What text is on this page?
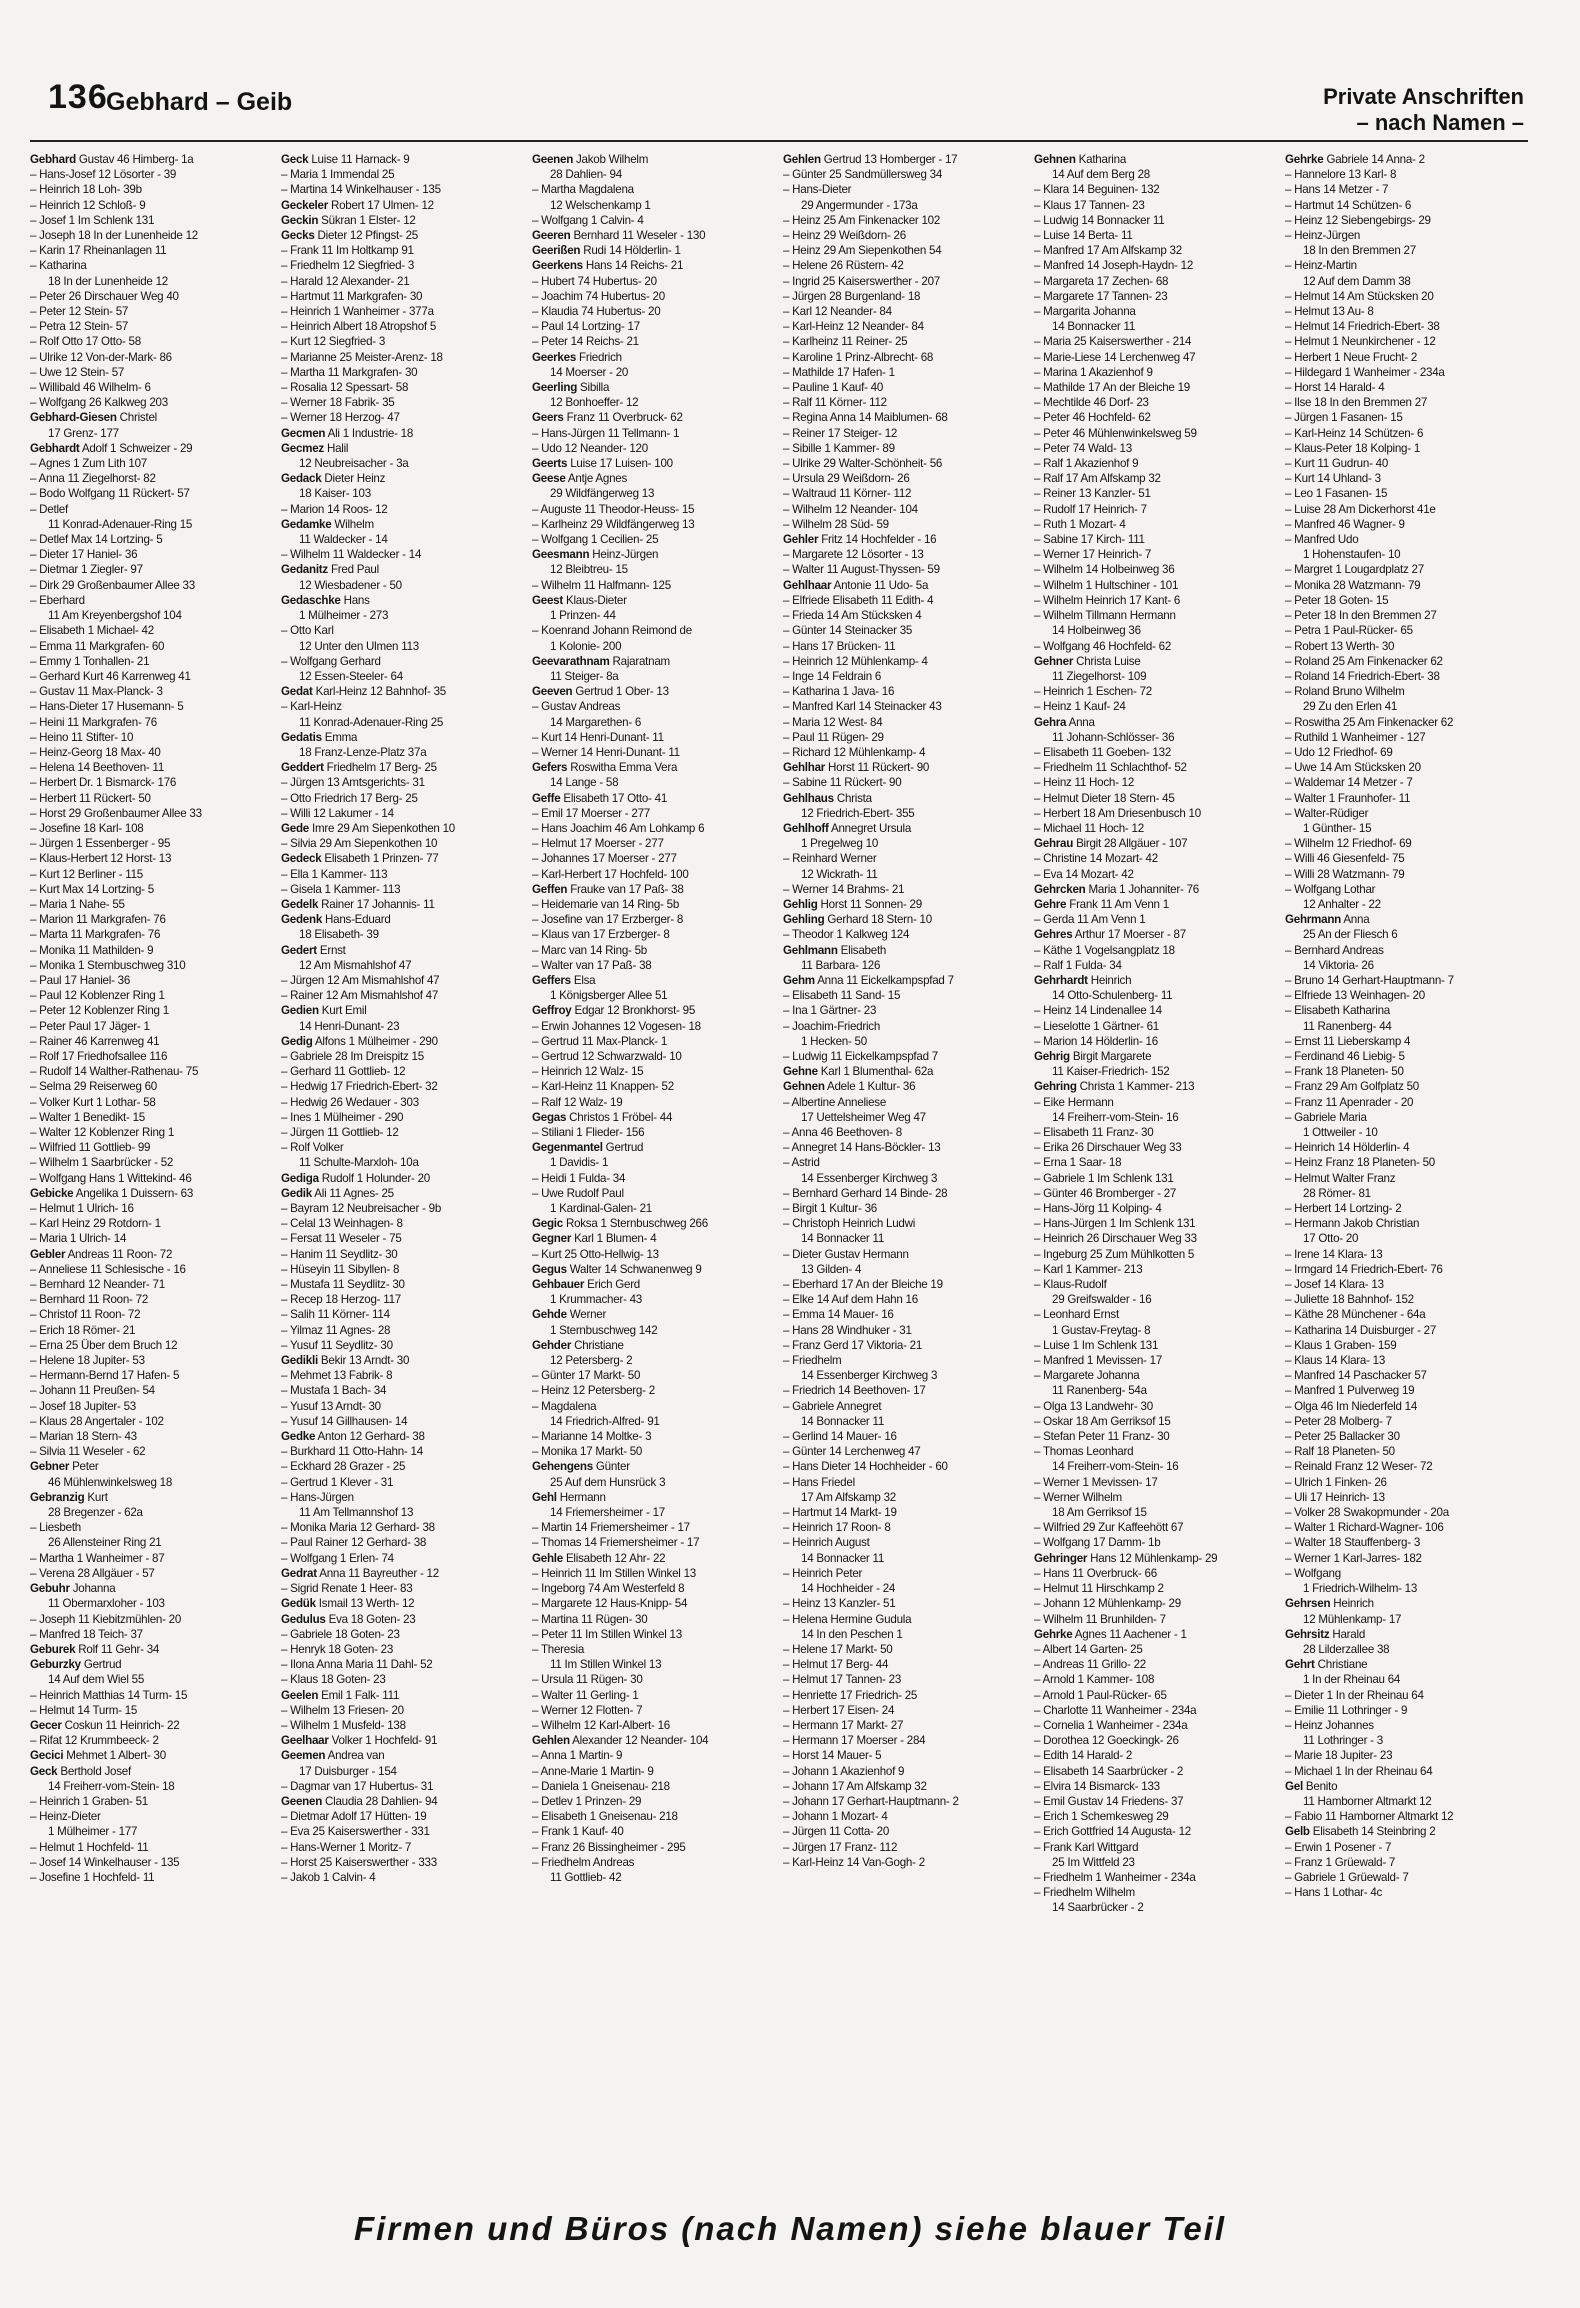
136
Gebhard – Geib	Private Anschriften
– nach Namen –
Gebhard Gustav 46 Himberg- 1a
– Hans-Josef 12 Lösorter - 39
– Heinrich 18 Loh- 39b
– Heinrich 12 Schloß- 9
– Josef 1 Im Schlenk 131
– Joseph 18 In der Lunenheide 12
– Karin 17 Rheinanlagen 11
– Katharina
18 In der Lunenheide 12
– Peter 26 Dirschauer Weg 40
– Peter 12 Stein- 57
– Petra 12 Stein- 57
– Rolf Otto 17 Otto- 58
– Ulrike 12 Von-der-Mark- 86
– Uwe 12 Stein- 57
– Willibald 46 Wilhelm- 6
– Wolfgang 26 Kalkweg 203
Gebhard-Giesen Christel
17 Grenz- 177
Gebhardt Adolf 1 Schweizer - 29
– Agnes 1 Zum Lith 107
– Anna 11 Ziegelhorst- 82
– Bodo Wolfgang 11 Rückert- 57
– Detlef
11 Konrad-Adenauer-Ring 15
– Detlef Max 14 Lortzing- 5
– Dieter 17 Haniel- 36
– Dietmar 1 Ziegler- 97
– Dirk 29 Großenbaumer Allee 33
– Eberhard
11 Am Kreyenbergshof 104
– Elisabeth 1 Michael- 42
– Emma 11 Markgrafen- 60
– Emmy 1 Tonhallen- 21
– Gerhard Kurt 46 Karrenweg 41
– Gustav 11 Max-Planck- 3
– Hans-Dieter 17 Husemann- 5
– Heini 11 Markgrafen- 76
– Heino 11 Stifter- 10
– Heinz-Georg 18 Max- 40
– Helena 14 Beethoven- 11
– Herbert Dr. 1 Bismarck- 176
– Herbert 11 Rückert- 50
– Horst 29 Großenbaumer Allee 33
– Josefine 18 Karl- 108
– Jürgen 1 Essenberger - 95
– Klaus-Herbert 12 Horst- 13
– Kurt 12 Berliner - 115
– Kurt Max 14 Lortzing- 5
– Maria 1 Nahe- 55
– Marion 11 Markgrafen- 76
– Marta 11 Markgrafen- 76
– Monika 11 Mathilden- 9
– Monika 1 Sternbuschweg 310
– Paul 17 Haniel- 36
– Paul 12 Koblenzer Ring 1
– Peter 12 Koblenzer Ring 1
– Peter Paul 17 Jäger- 1
– Rainer 46 Karrenweg 41
– Rolf 17 Friedhofsallee 116
– Rudolf 14 Walther-Rathenau- 75
– Selma 29 Reiserweg 60
– Volker Kurt 1 Lothar- 58
– Walter 1 Benedikt- 15
– Walter 12 Koblenzer Ring 1
– Wilfried 11 Gottlieb- 99
– Wilhelm 1 Saarbrücker - 52
– Wolfgang Hans 1 Wittekind- 46
Gebicke Angelika 1 Duissern- 63
– Helmut 1 Ulrich- 16
– Karl Heinz 29 Rotdorn- 1
– Maria 1 Ulrich- 14
Gebler Andreas 11 Roon- 72
– Anneliese 11 Schlesische - 16
– Bernhard 12 Neander- 71
– Bernhard 11 Roon- 72
– Christof 11 Roon- 72
– Erich 18 Römer- 21
– Erna 25 Über dem Bruch 12
– Helene 18 Jupiter- 53
– Hermann-Bernd 17 Hafen- 5
– Johann 11 Preußen- 54
– Josef 18 Jupiter- 53
– Klaus 28 Angertaler - 102
– Marian 18 Stern- 43
– Silvia 11 Weseler - 62
Gebner Peter
46 Mühlenwinkelsweg 18
Gebranzig Kurt
28 Bregenzer - 62a
– Liesbeth
26 Allensteiner Ring 21
– Martha 1 Wanheimer - 87
– Verena 28 Allgäuer - 57
Gebuhr Johanna
11 Obermarxloher - 103
– Joseph 11 Kiebitzmühlen- 20
– Manfred 18 Teich- 37
Geburek Rolf 11 Gehr- 34
Geburzky Gertrud
14 Auf dem Wiel 55
– Heinrich Matthias 14 Turm- 15
– Helmut 14 Turm- 15
Gecer Coskun 11 Heinrich- 22
– Rifat 12 Krummbeeck- 2
Gecici Mehmet 1 Albert- 30
Geck Berthold Josef
14 Freiherr-vom-Stein- 18
– Heinrich 1 Graben- 51
– Heinz-Dieter
1 Mülheimer - 177
– Helmut 1 Hochfeld- 11
– Josef 14 Winkelhauser - 135
– Josefine 1 Hochfeld- 11
Geck Luise 11 Harnack- 9
– Maria 1 Immendal 25
– Martina 14 Winkelhauser - 135
Geckeler Robert 17 Ulmen- 12
Geckin Sükran 1 Elster- 12
Gecks Dieter 12 Pfingst- 25
– Frank 11 Im Holtkamp 91
– Friedhelm 12 Siegfried- 3
– Harald 12 Alexander- 21
– Hartmut 11 Markgrafen- 30
– Heinrich 1 Wanheimer - 377a
– Heinrich Albert 18 Atropshof 5
– Kurt 12 Siegfried- 3
– Marianne 25 Meister-Arenz- 18
– Martha 11 Markgrafen- 30
– Rosalia 12 Spessart- 58
– Werner 18 Fabrik- 35
– Werner 18 Herzog- 47
Gecmen Ali 1 Industrie- 18
Gecmez Halil
12 Neubreisacher - 3a
Gedack Dieter Heinz
18 Kaiser- 103
– Marion 14 Roos- 12
Gedamke Wilhelm
11 Waldecker - 14
– Wilhelm 11 Waldecker - 14
Gedanitz Fred Paul
12 Wiesbadener - 50
Gedaschke Hans
1 Mülheimer - 273
– Otto Karl
12 Unter den Ulmen 113
– Wolfgang Gerhard
12 Essen-Steeler- 64
Gedat Karl-Heinz 12 Bahnhof- 35
– Karl-Heinz
11 Konrad-Adenauer-Ring 25
Gedatis Emma
18 Franz-Lenze-Platz 37a
Geddert Friedhelm 17 Berg- 25
– Jürgen 13 Amtsgerichts- 31
– Otto Friedrich 17 Berg- 25
– Willi 12 Lakumer - 14
Gede Imre 29 Am Siepenkothen 10
– Silvia 29 Am Siepenkothen 10
Gedeck Elisabeth 1 Prinzen- 77
– Ella 1 Kammer- 113
– Gisela 1 Kammer- 113
Gedelk Rainer 17 Johannis- 11
Gedenk Hans-Eduard
18 Elisabeth- 39
Gedert Ernst
12 Am Mismahlshof 47
– Jürgen 12 Am Mismahlshof 47
– Rainer 12 Am Mismahlshof 47
Gedien Kurt Emil
14 Henri-Dunant- 23
Gedig Alfons 1 Mülheimer - 290
– Gabriele 28 Im Dreispitz 15
– Gerhard 11 Gottlieb- 12
– Hedwig 17 Friedrich-Ebert- 32
– Hedwig 26 Wedauer - 303
– Ines 1 Mülheimer - 290
– Jürgen 11 Gottlieb- 12
– Rolf Volker
11 Schulte-Marxloh- 10a
Gediga Rudolf 1 Holunder- 20
Gedik Ali 11 Agnes- 25
– Bayram 12 Neubreisacher - 9b
– Celal 13 Weinhagen- 8
– Fersat 11 Weseler - 75
– Hanim 11 Seydlitz- 30
– Hüseyin 11 Sibyllen- 8
– Mustafa 11 Seydlitz- 30
– Recep 18 Herzog- 117
– Salih 11 Körner- 114
– Yilmaz 11 Agnes- 28
– Yusuf 11 Seydlitz- 30
Gedikli Bekir 13 Arndt- 30
– Mehmet 13 Fabrik- 8
– Mustafa 1 Bach- 34
– Yusuf 13 Arndt- 30
– Yusuf 14 Gillhausen- 14
Gedke Anton 12 Gerhard- 38
– Burkhard 11 Otto-Hahn- 14
– Eckhard 28 Grazer - 25
– Gertrud 1 Klever - 31
– Hans-Jürgen
11 Am Tellmannshof 13
– Monika Maria 12 Gerhard- 38
– Paul Rainer 12 Gerhard- 38
– Wolfgang 1 Erlen- 74
Gedrat Anna 11 Bayreuther - 12
– Sigrid Renate 1 Heer- 83
Gedük Ismail 13 Werth- 12
Gedulus Eva 18 Goten- 23
– Gabriele 18 Goten- 23
– Henryk 18 Goten- 23
– Ilona Anna Maria 11 Dahl- 52
– Klaus 18 Goten- 23
Geelen Emil 1 Falk- 111
– Wilhelm 13 Friesen- 20
– Wilhelm 1 Musfeld- 138
Geelhaar Volker 1 Hochfeld- 91
Geemen Andrea van
17 Duisburger - 154
– Dagmar van 17 Hubertus- 31
Geenen Claudia 28 Dahlien- 94
– Dietmar Adolf 17 Hütten- 19
– Eva 25 Kaiserswerther - 331
– Hans-Werner 1 Moritz- 7
– Horst 25 Kaiserswerther - 333
– Jakob 1 Calvin- 4
Geenen Jakob Wilhelm
28 Dahlien- 94
– Martha Magdalena
12 Welschenkamp 1
– Wolfgang 1 Calvin- 4
Geeren Bernhard 11 Weseler - 130
Geerißen Rudi 14 Hölderlin- 1
Geerkens Hans 14 Reichs- 21
– Hubert 74 Hubertus- 20
– Joachim 74 Hubertus- 20
– Klaudia 74 Hubertus- 20
– Paul 14 Lortzing- 17
– Peter 14 Reichs- 21
Geerkes Friedrich
14 Moerser - 20
Geerling Sibilla
12 Bonhoeffer- 12
Geers Franz 11 Overbruck- 62
– Hans-Jürgen 11 Tellmann- 1
– Udo 12 Neander- 120
Geerts Luise 17 Luisen- 100
Geese Antje Agnes
29 Wildfängerweg 13
– Auguste 11 Theodor-Heuss- 15
– Karlheinz 29 Wildfängerweg 13
– Wolfgang 1 Cecilien- 25
Geesmann Heinz-Jürgen
12 Bleibtreu- 15
– Wilhelm 11 Halfmann- 125
Geest Klaus-Dieter
1 Prinzen- 44
– Koenrand Johann Reimond de
1 Kolonie- 200
Geevarathnam Rajaratnam
11 Steiger- 8a
Geeven Gertrud 1 Ober- 13
– Gustav Andreas
14 Margarethen- 6
– Kurt 14 Henri-Dunant- 11
– Werner 14 Henri-Dunant- 11
Gefers Roswitha Emma Vera
14 Lange - 58
Geffe Elisabeth 17 Otto- 41
– Emil 17 Moerser - 277
– Hans Joachim 46 Am Lohkamp 6
– Helmut 17 Moerser - 277
– Johannes 17 Moerser - 277
– Karl-Herbert 17 Hochfeld- 100
Geffen Frauke van 17 Paß- 38
– Heidemarie van 14 Ring- 5b
– Josefine van 17 Erzberger- 8
– Klaus van 17 Erzberger- 8
– Marc van 14 Ring- 5b
– Walter van 17 Paß- 38
Geffers Elsa
1 Königsberger Allee 51
Geffroy Edgar 12 Bronkhorst- 95
– Erwin Johannes 12 Vogesen- 18
– Gertrud 11 Max-Planck- 1
– Gertrud 12 Schwarzwald- 10
– Heinrich 12 Walz- 15
– Karl-Heinz 11 Knappen- 52
– Ralf 12 Walz- 19
Gegas Christos 1 Fröbel- 44
– Stiliani 1 Flieder- 156
Gegenmantel Gertrud
1 Davidis- 1
– Heidi 1 Fulda- 34
– Uwe Rudolf Paul
1 Kardinal-Galen- 21
Gegic Roksa 1 Sternbuschweg 266
Gegner Karl 1 Blumen- 4
– Kurt 25 Otto-Hellwig- 13
Gegus Walter 14 Schwanenweg 9
Gehbauer Erich Gerd
1 Krummacher- 43
Gehde Werner
1 Sternbuschweg 142
Gehder Christiane
12 Petersberg- 2
– Günter 17 Markt- 50
– Heinz 12 Petersberg- 2
– Magdalena
14 Friedrich-Alfred- 91
– Marianne 14 Moltke- 3
– Monika 17 Markt- 50
Gehengens Günter
25 Auf dem Hunsrück 3
Gehl Hermann
14 Friemersheimer - 17
– Martin 14 Friemersheimer - 17
– Thomas 14 Friemersheimer - 17
Gehle Elisabeth 12 Ahr- 22
– Heinrich 11 Im Stillen Winkel 13
– Ingeborg 74 Am Westerfeld 8
– Margarete 12 Haus-Knipp- 54
– Martina 11 Rügen- 30
– Peter 11 Im Stillen Winkel 13
– Theresia
11 Im Stillen Winkel 13
– Ursula 11 Rügen- 30
– Walter 11 Gerling- 1
– Werner 12 Flotten- 7
– Wilhelm 12 Karl-Albert- 16
Gehlen Alexander 12 Neander- 104
– Anna 1 Martin- 9
– Anne-Marie 1 Martin- 9
– Daniela 1 Gneisenau- 218
– Detlev 1 Prinzen- 29
– Elisabeth 1 Gneisenau- 218
– Frank 1 Kauf- 40
– Franz 26 Bissingheimer - 295
– Friedhelm Andreas
11 Gottlieb- 42
Gehlen Gertrud 13 Homberger - 17
– Günter 25 Sandmüllersweg 34
– Hans-Dieter
29 Angermunder - 173a
– Heinz 25 Am Finkenacker 102
– Heinz 29 Weißdorn- 26
– Heinz 29 Am Siepenkothen 54
– Helene 26 Rüstern- 42
– Ingrid 25 Kaiserswerther - 207
– Jürgen 28 Burgenland- 18
– Karl 12 Neander- 84
– Karl-Heinz 12 Neander- 84
– Karlheinz 11 Reiner- 25
– Karoline 1 Prinz-Albrecht- 68
– Mathilde 17 Hafen- 1
– Pauline 1 Kauf- 40
– Ralf 11 Körner- 112
– Regina Anna 14 Maiblumen- 68
– Reiner 17 Steiger- 12
– Sibille 1 Kammer- 89
– Ulrike 29 Walter-Schönheit- 56
– Ursula 29 Weißdorn- 26
– Waltraud 11 Körner- 112
– Wilhelm 12 Neander- 104
– Wilhelm 28 Süd- 59
Gehler Fritz 14 Hochfelder - 16
– Margarete 12 Lösorter - 13
– Walter 11 August-Thyssen- 59
Gehlhaar Antonie 11 Udo- 5a
– Elfriede Elisabeth 11 Edith- 4
– Frieda 14 Am Stücksken 4
– Günter 14 Steinacker 35
– Hans 17 Brücken- 11
– Heinrich 12 Mühlenkamp- 4
– Inge 14 Feldrain 6
– Katharina 1 Java- 16
– Manfred Karl 14 Steinacker 43
– Maria 12 West- 84
– Paul 11 Rügen- 29
– Richard 12 Mühlenkamp- 4
Gehlhar Horst 11 Rückert- 90
– Sabine 11 Rückert- 90
Gehlhaus Christa
12 Friedrich-Ebert- 355
Gehlhoff Annegret Ursula
1 Pregelweg 10
– Reinhard Werner
12 Wickrath- 11
– Werner 14 Brahms- 21
Gehlig Horst 11 Sonnen- 29
Gehling Gerhard 18 Stern- 10
– Theodor 1 Kalkweg 124
Gehlmann Elisabeth
11 Barbara- 126
Gehm Anna 11 Eickelkampspfad 7
– Elisabeth 11 Sand- 15
– Ina 1 Gärtner- 23
– Joachim-Friedrich
1 Hecken- 50
– Ludwig 11 Eickelkampspfad 7
Gehne Karl 1 Blumenthal- 62a
Gehnen Adele 1 Kultur- 36
– Albertine Anneliese
17 Uettelsheimer Weg 47
– Anna 46 Beethoven- 8
– Annegret 14 Hans-Böckler- 13
– Astrid
14 Essenberger Kirchweg 3
– Bernhard Gerhard 14 Binde- 28
– Birgit 1 Kultur- 36
– Christoph Heinrich Ludwi
14 Bonnacker 11
– Dieter Gustav Hermann
13 Gilden- 4
– Eberhard 17 An der Bleiche 19
– Elke 14 Auf dem Hahn 16
– Emma 14 Mauer- 16
– Hans 28 Windhuker - 31
– Franz Gerd 17 Viktoria- 21
– Friedhelm
14 Essenberger Kirchweg 3
– Friedrich 14 Beethoven- 17
– Gabriele Annegret
14 Bonnacker 11
– Gerlind 14 Mauer- 16
– Günter 14 Lerchenweg 47
– Hans Dieter 14 Hochheider - 60
– Hans Friedel
17 Am Alfskamp 32
– Hartmut 14 Markt- 19
– Heinrich 17 Roon- 8
– Heinrich August
14 Bonnacker 11
– Heinrich Peter
14 Hochheider - 24
– Heinz 13 Kanzler- 51
– Helena Hermine Gudula
14 In den Peschen 1
– Helene 17 Markt- 50
– Helmut 17 Berg- 44
– Helmut 17 Tannen- 23
– Henriette 17 Friedrich- 25
– Herbert 17 Eisen- 24
– Hermann 17 Markt- 27
– Hermann 17 Moerser - 284
– Horst 14 Mauer- 5
– Johann 1 Akazienhof 9
– Johann 17 Am Alfskamp 32
– Johann 17 Gerhart-Hauptmann- 2
– Johann 1 Mozart- 4
– Jürgen 11 Cotta- 20
– Jürgen 17 Franz- 112
– Karl-Heinz 14 Van-Gogh- 2
Gehnen Katharina
14 Auf dem Berg 28
– Klara 14 Beguinen- 132
– Klaus 17 Tannen- 23
– Ludwig 14 Bonnacker 11
– Luise 14 Berta- 11
– Manfred 17 Am Alfskamp 32
– Manfred 14 Joseph-Haydn- 12
– Margareta 17 Zechen- 68
– Margarete 17 Tannen- 23
– Margarita Johanna
14 Bonnacker 11
– Maria 25 Kaiserswerther - 214
– Marie-Liese 14 Lerchenweg 47
– Marina 1 Akazienhof 9
– Mathilde 17 An der Bleiche 19
– Mechtilde 46 Dorf- 23
– Peter 46 Hochfeld- 62
– Peter 46 Mühlenwinkelsweg 59
– Peter 74 Wald- 13
– Ralf 1 Akazienhof 9
– Ralf 17 Am Alfskamp 32
– Reiner 13 Kanzler- 51
– Rudolf 17 Heinrich- 7
– Ruth 1 Mozart- 4
– Sabine 17 Kirch- 111
– Werner 17 Heinrich- 7
– Wilhelm 14 Holbeinweg 36
– Wilhelm 1 Hultschiner - 101
– Wilhelm Heinrich 17 Kant- 6
– Wilhelm Tillmann Hermann
14 Holbeinweg 36
– Wolfgang 46 Hochfeld- 62
Gehner Christa Luise
11 Ziegelhorst- 109
– Heinrich 1 Eschen- 72
– Heinz 1 Kauf- 24
Gehra Anna
11 Johann-Schlösser- 36
– Elisabeth 11 Goeben- 132
– Friedhelm 11 Schlachthof- 52
– Heinz 11 Hoch- 12
– Helmut Dieter 18 Stern- 45
– Herbert 18 Am Driesenbusch 10
– Michael 11 Hoch- 12
Gehrau Birgit 28 Allgäuer - 107
– Christine 14 Mozart- 42
– Eva 14 Mozart- 42
Gehrcken Maria 1 Johanniter- 76
Gehre Frank 11 Am Venn 1
– Gerda 11 Am Venn 1
Gehres Arthur 17 Moerser - 87
– Käthe 1 Vogelsangplatz 18
– Ralf 1 Fulda- 34
Gehrhardt Heinrich
14 Otto-Schulenberg- 11
– Heinz 14 Lindenallee 14
– Lieselotte 1 Gärtner- 61
– Marion 14 Hölderlin- 16
Gehrig Birgit Margarete
11 Kaiser-Friedrich- 152
Gehring Christa 1 Kammer- 213
– Eike Hermann
14 Freiherr-vom-Stein- 16
– Elisabeth 11 Franz- 30
– Erika 26 Dirschauer Weg 33
– Erna 1 Saar- 18
– Gabriele 1 Im Schlenk 131
– Günter 46 Bromberger - 27
– Hans-Jörg 11 Kolping- 4
– Hans-Jürgen 1 Im Schlenk 131
– Heinrich 26 Dirschauer Weg 33
– Ingeburg 25 Zum Mühlkotten 5
– Karl 1 Kammer- 213
– Klaus-Rudolf
29 Greifswalder - 16
– Leonhard Ernst
1 Gustav-Freytag- 8
– Luise 1 Im Schlenk 131
– Manfred 1 Mevissen- 17
– Margarete Johanna
11 Ranenberg- 54a
– Olga 13 Landwehr- 30
– Oskar 18 Am Gerriksof 15
– Stefan Peter 11 Franz- 30
– Thomas Leonhard
14 Freiherr-vom-Stein- 16
– Werner 1 Mevissen- 17
– Werner Wilhelm
18 Am Gerriksof 15
– Wilfried 29 Zur Kaffeehött 67
– Wolfgang 17 Damm- 1b
Gehringer Hans 12 Mühlenkamp- 29
– Hans 11 Overbruck- 66
– Helmut 11 Hirschkamp 2
– Johann 12 Mühlenkamp- 29
– Wilhelm 11 Brunhilden- 7
Gehrke Agnes 11 Aachener - 1
– Albert 14 Garten- 25
– Andreas 11 Grillo- 22
– Arnold 1 Kammer- 108
– Arnold 1 Paul-Rücker- 65
– Charlotte 11 Wanheimer - 234a
– Cornelia 1 Wanheimer - 234a
– Dorothea 12 Goeckingk- 26
– Edith 14 Harald- 2
– Elisabeth 14 Saarbrücker - 2
– Elvira 14 Bismarck- 133
– Emil Gustav 14 Friedens- 37
– Erich 1 Schemkesweg 29
– Erich Gottfried 14 Augusta- 12
– Frank Karl Wittgard
25 Im Wittfeld 23
– Friedhelm 1 Wanheimer - 234a
– Friedhelm Wilhelm
14 Saarbrücker - 2
Gehrke Gabriele 14 Anna- 2
– Hannelore 13 Karl- 8
– Hans 14 Metzer - 7
– Hartmut 14 Schützen- 6
– Heinz 12 Siebengebirgs- 29
– Heinz-Jürgen
18 In den Bremmen 27
– Heinz-Martin
12 Auf dem Damm 38
– Helmut 14 Am Stücksken 20
– Helmut 13 Au- 8
– Helmut 14 Friedrich-Ebert- 38
– Helmut 1 Neunkirchener - 12
– Herbert 1 Neue Frucht- 2
– Hildegard 1 Wanheimer - 234a
– Horst 14 Harald- 4
– Ilse 18 In den Bremmen 27
– Jürgen 1 Fasanen- 15
– Karl-Heinz 14 Schützen- 6
– Klaus-Peter 18 Kolping- 1
– Kurt 11 Gudrun- 40
– Kurt 14 Uhland- 3
– Leo 1 Fasanen- 15
– Luise 28 Am Dickerhorst 41e
– Manfred 46 Wagner- 9
– Manfred Udo
1 Hohenstaufen- 10
– Margret 1 Lougardplatz 27
– Monika 28 Watzmann- 79
– Peter 18 Goten- 15
– Peter 18 In den Bremmen 27
– Petra 1 Paul-Rücker- 65
– Robert 13 Werth- 30
– Roland 25 Am Finkenacker 62
– Roland 14 Friedrich-Ebert- 38
– Roland Bruno Wilhelm
29 Zu den Erlen 41
– Roswitha 25 Am Finkenacker 62
– Ruthild 1 Wanheimer - 127
– Udo 12 Friedhof- 69
– Uwe 14 Am Stücksken 20
– Waldemar 14 Metzer - 7
– Walter 1 Fraunhofer- 11
– Walter-Rüdiger
1 Günther- 15
– Wilhelm 12 Friedhof- 69
– Willi 46 Giesenfeld- 75
– Willi 28 Watzmann- 79
– Wolfgang Lothar
12 Anhalter - 22
Gehrmann Anna
25 An der Fliesch 6
– Bernhard Andreas
14 Viktoria- 26
– Bruno 14 Gerhart-Hauptmann- 7
– Elfriede 13 Weinhagen- 20
– Elisabeth Katharina
11 Ranenberg- 44
– Ernst 11 Lieberskamp 4
– Ferdinand 46 Liebig- 5
– Frank 18 Planeten- 50
– Franz 29 Am Golfplatz 50
– Franz 11 Apenrader - 20
– Gabriele Maria
1 Ottweiler - 10
– Heinrich 14 Hölderlin- 4
– Heinz Franz 18 Planeten- 50
– Helmut Walter Franz
28 Römer- 81
– Herbert 14 Lortzing- 2
– Hermann Jakob Christian
17 Otto- 20
– Irene 14 Klara- 13
– Irmgard 14 Friedrich-Ebert- 76
– Josef 14 Klara- 13
– Juliette 18 Bahnhof- 152
– Käthe 28 Münchener - 64a
– Katharina 14 Duisburger - 27
– Klaus 1 Graben- 159
– Klaus 14 Klara- 13
– Manfred 14 Paschacker 57
– Manfred 1 Pulverweg 19
– Olga 46 Im Niederfeld 14
– Peter 28 Molberg- 7
– Peter 25 Ballacker 30
– Ralf 18 Planeten- 50
– Reinald Franz 12 Weser- 72
– Ulrich 1 Finken- 26
– Uli 17 Heinrich- 13
– Volker 28 Swakopmunder - 20a
– Walter 1 Richard-Wagner- 106
– Walter 18 Stauffenberg- 3
– Werner 1 Karl-Jarres- 182
– Wolfgang
1 Friedrich-Wilhelm- 13
Gehrsen Heinrich
12 Mühlenkamp- 17
Gehrsitz Harald
28 Lilderzallee 38
Gehrt Christiane
1 In der Rheinau 64
– Dieter 1 In der Rheinau 64
– Emilie 11 Lothringer - 9
– Heinz Johannes
11 Lothringer - 3
– Marie 18 Jupiter- 23
– Michael 1 In der Rheinau 64
Gel Benito
11 Hamborner Altmarkt 12
– Fabio 11 Hamborner Altmarkt 12
Gelb Elisabeth 14 Steinbring 2
– Erwin 1 Posener - 7
– Franz 1 Grüewald- 7
– Gabriele 1 Grüewald- 7
– Hans 1 Lothar- 4c
Firmen und Büros (nach Namen) siehe blauer Teil
